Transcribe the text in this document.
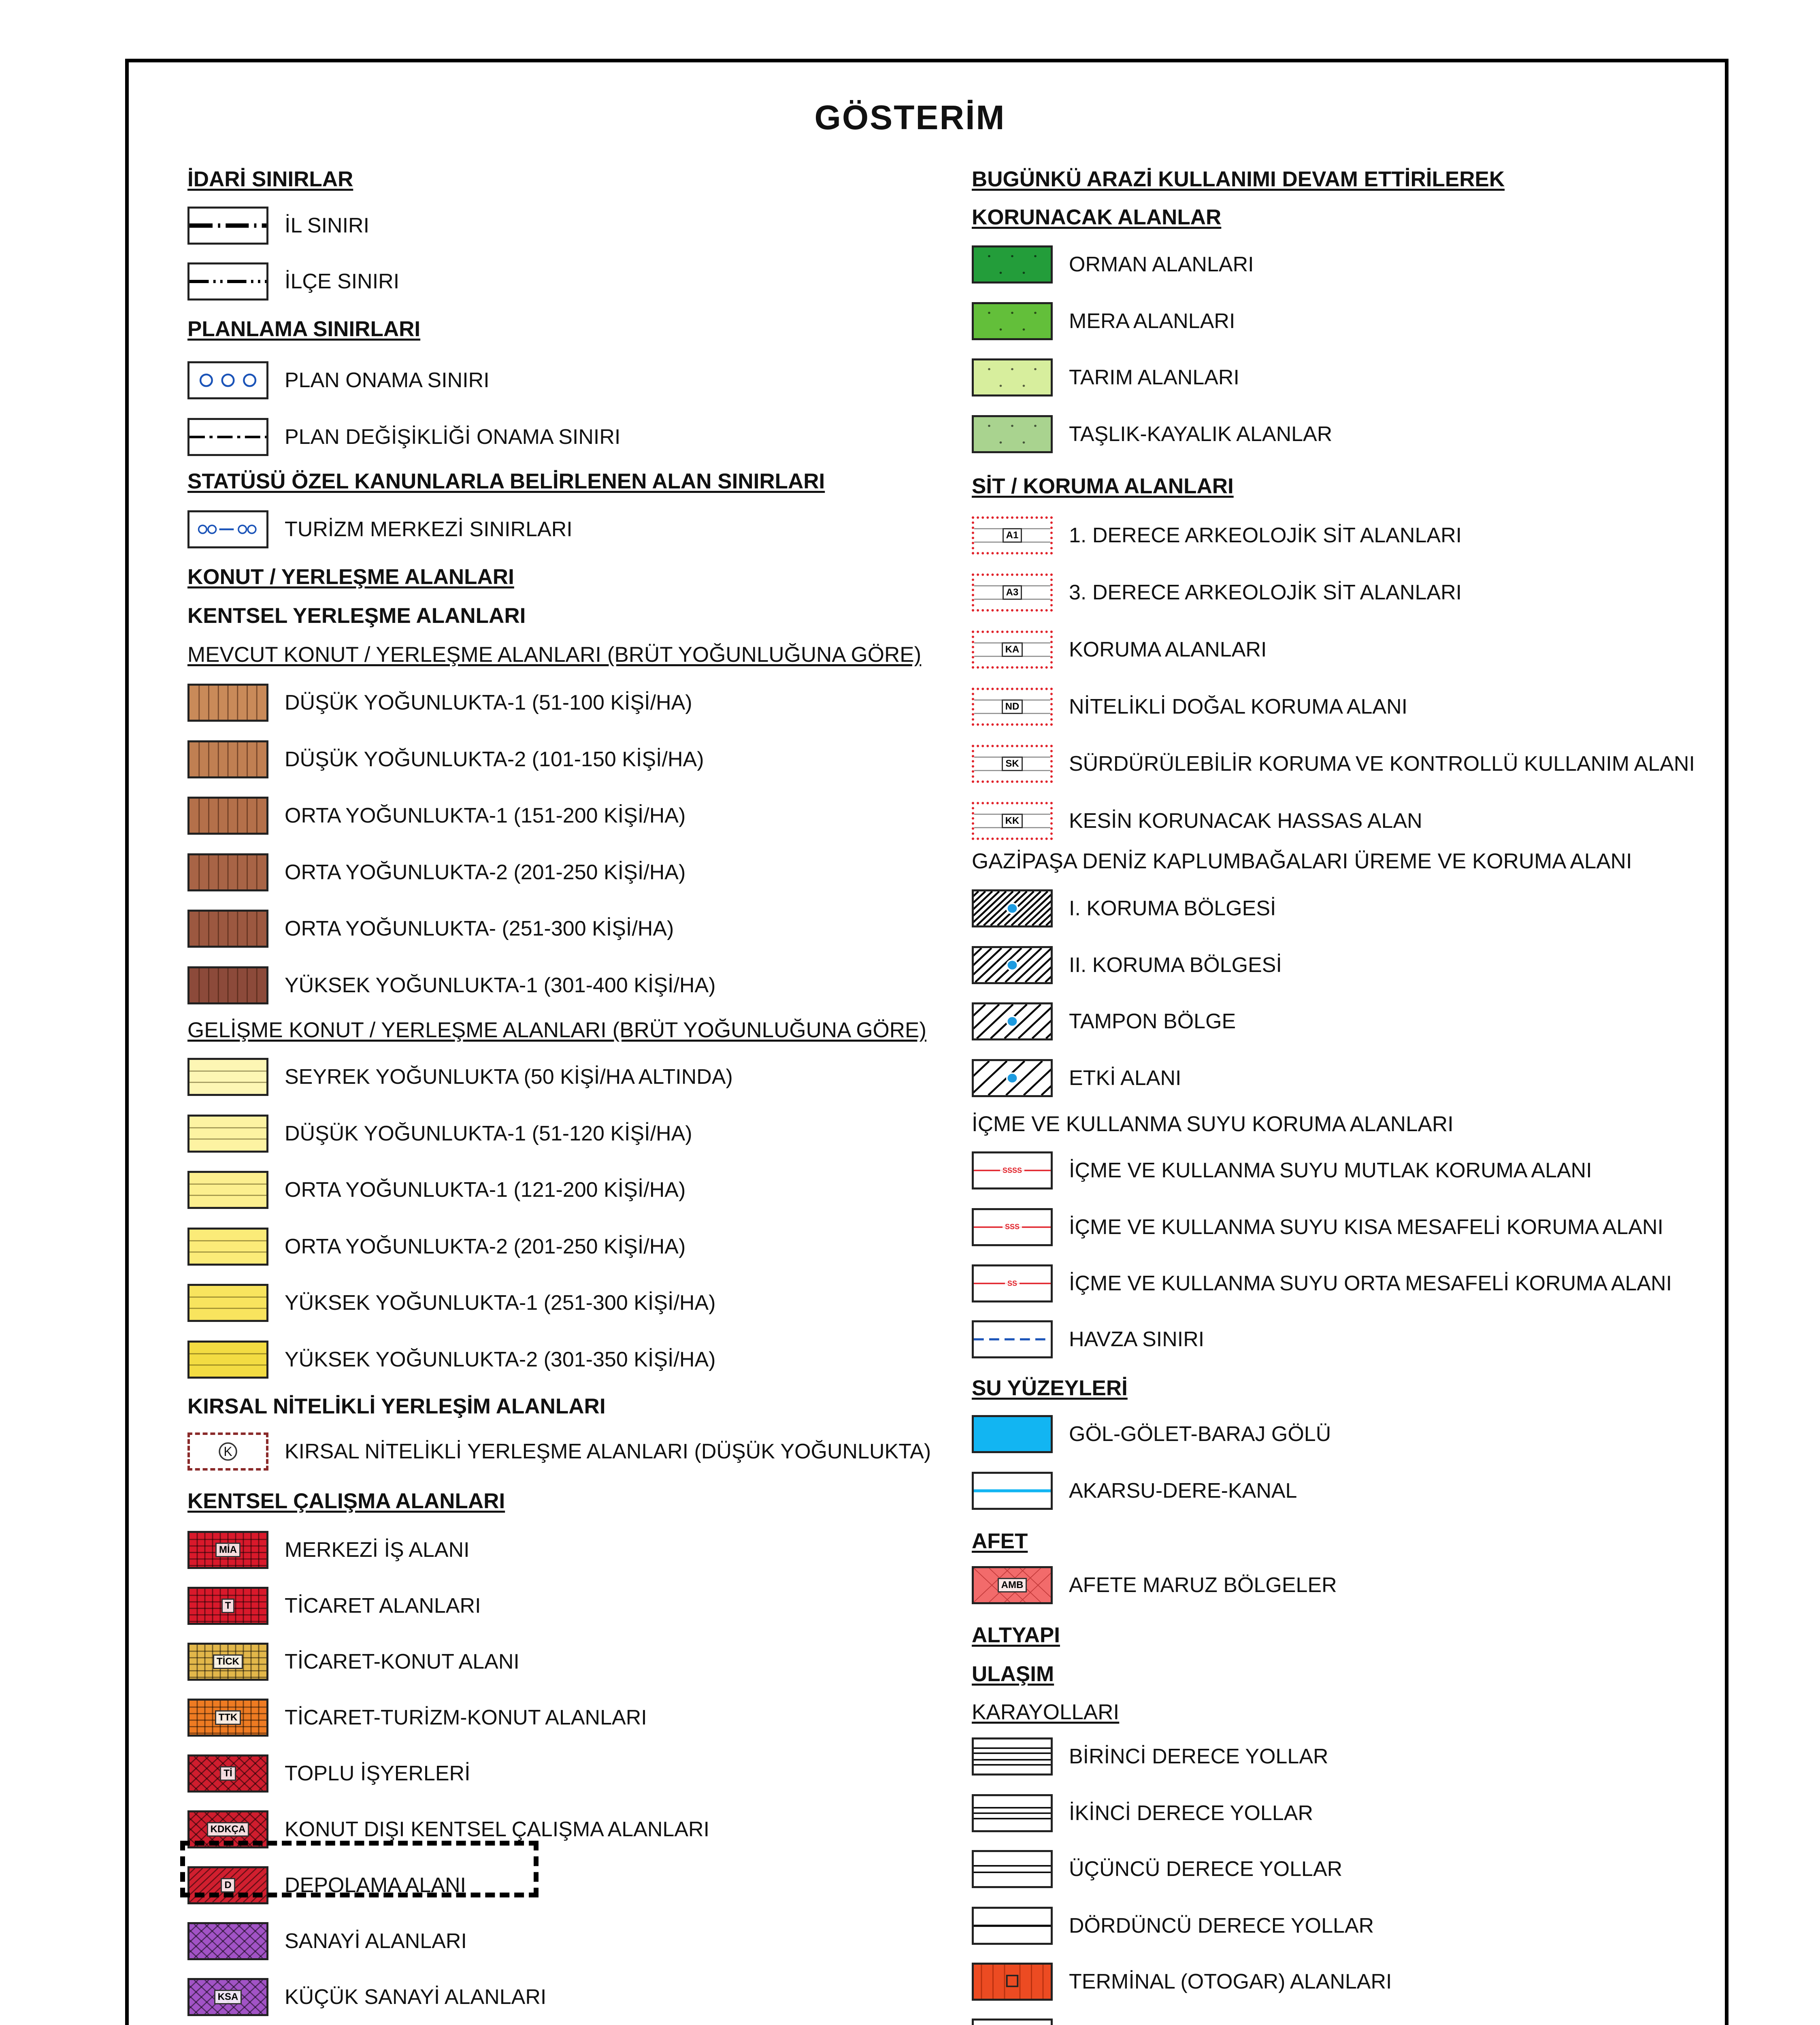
GÖSTERİM
İDARİ SINIRLAR
İL SINIRI
İLÇE SINIRI
PLANLAMA SINIRLARI
PLAN ONAMA SINIRI
PLAN DEĞİŞİKLİĞİ ONAMA SINIRI
STATÜSÜ ÖZEL KANUNLARLA BELİRLENEN ALAN SINIRLARI
TURİZM MERKEZİ SINIRLARI
KONUT / YERLEŞME ALANLARI
KENTSEL YERLEŞME ALANLARI
MEVCUT KONUT / YERLEŞME ALANLARI (BRÜT YOĞUNLUĞUNA GÖRE)
DÜŞÜK YOĞUNLUKTA-1 (51-100 KİŞİ/HA)
DÜŞÜK YOĞUNLUKTA-2 (101-150 KİŞİ/HA)
ORTA YOĞUNLUKTA-1 (151-200 KİŞİ/HA)
ORTA YOĞUNLUKTA-2 (201-250 KİŞİ/HA)
ORTA YOĞUNLUKTA- (251-300 KİŞİ/HA)
YÜKSEK YOĞUNLUKTA-1 (301-400 KİŞİ/HA)
GELİŞME KONUT / YERLEŞME ALANLARI (BRÜT YOĞUNLUĞUNA GÖRE)
SEYREK YOĞUNLUKTA (50 KİŞİ/HA ALTINDA)
DÜŞÜK YOĞUNLUKTA-1 (51-120 KİŞİ/HA)
ORTA YOĞUNLUKTA-1 (121-200 KİŞİ/HA)
ORTA YOĞUNLUKTA-2 (201-250 KİŞİ/HA)
YÜKSEK YOĞUNLUKTA-1 (251-300 KİŞİ/HA)
YÜKSEK YOĞUNLUKTA-2 (301-350 KİŞİ/HA)
KIRSAL NİTELİKLİ YERLEŞİM ALANLARI
K KIRSAL NİTELİKLİ YERLEŞME ALANLARI (DÜŞÜK YOĞUNLUKTA)
KENTSEL ÇALIŞMA ALANLARI
MİA MERKEZİ İŞ ALANI
T	TİCARET ALANLARI
TİCK TİCARET-KONUT ALANI
TTK TİCARET-TURİZM-KONUT ALANLARI
Tİ TOPLU İŞYERLERİ
KDKÇA KONUT DIŞI KENTSEL ÇALIŞMA ALANLARI
D	DEPOLAMA ALANI
SANAYİ ALANLARI
KSA KÜÇÜK SANAYİ ALANLARI
BUGÜNKÜ ARAZİ KULLANIMI DEVAM ETTİRİLEREK
KORUNACAK ALANLAR
ORMAN ALANLARI
MERA ALANLARI
TARIM ALANLARI
TAŞLIK-KAYALIK ALANLAR
SİT / KORUMA ALANLARI
A1 1. DERECE ARKEOLOJİK SİT ALANLARI
A3 3. DERECE ARKEOLOJİK SİT ALANLARI
KA KORUMA ALANLARI
ND NİTELİKLİ DOĞAL KORUMA ALANI
SK SÜRDÜRÜLEBİLİR KORUMA VE KONTROLLÜ KULLANIM ALANI
KK KESİN KORUNACAK HASSAS ALAN
GAZİPAŞA DENİZ KAPLUMBAĞALARI ÜREME VE KORUMA ALANI
I. KORUMA BÖLGESİ
II. KORUMA BÖLGESİ
TAMPON BÖLGE
ETKİ ALANI
İÇME VE KULLANMA SUYU KORUMA ALANLARI
SSSS İÇME VE KULLANMA SUYU MUTLAK KORUMA ALANI
SSS İÇME VE KULLANMA SUYU KISA MESAFELİ KORUMA ALANI
SS İÇME VE KULLANMA SUYU ORTA MESAFELİ KORUMA ALANI
HAVZA SINIRI
SU YÜZEYLERİ
GÖL-GÖLET-BARAJ GÖLÜ
AKARSU-DERE-KANAL
AFET
AMB AFETE MARUZ BÖLGELER
ALTYAPI
ULAŞIM
KARAYOLLARI
BİRİNCİ DERECE YOLLAR
İKİNCİ DERECE YOLLAR
ÜÇÜNCÜ DERECE YOLLAR
DÖRDÜNCÜ DERECE YOLLAR
TERMİNAL (OTOGAR) ALANLARI
